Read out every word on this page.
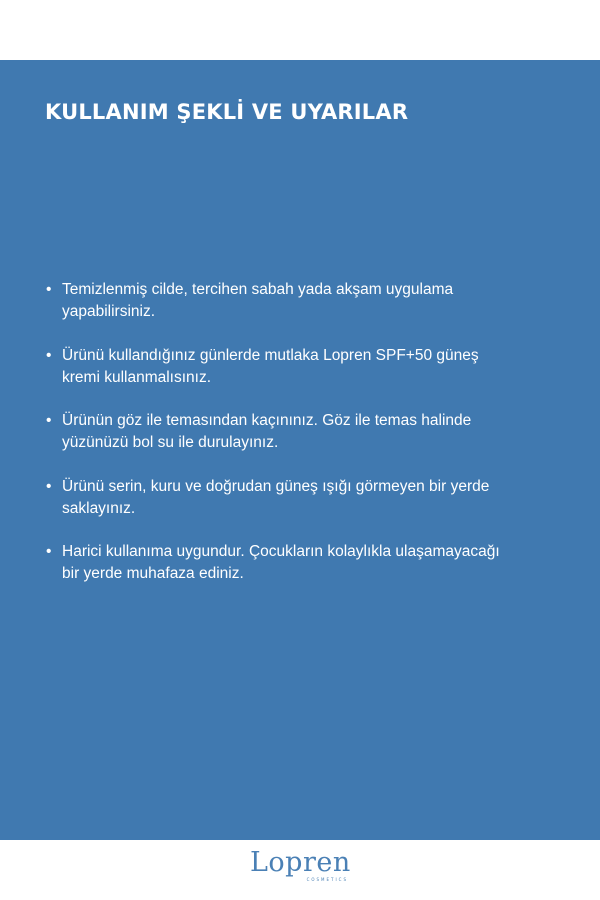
KULLANIM ŞEKLİ VE UYARILAR
• Temizlenmiş cilde, tercihen sabah yada akşam uygulama
yapabilirsiniz.
• Ürünü kullandığınız günlerde mutlaka Lopren SPF+50 güneş
kremi kullanmalısınız.
• Ürünün göz ile temasından kaçınınız. Göz ile temas halinde
yüzünüzü bol su ile durulayınız.
• Ürünü serin, kuru ve doğrudan güneş ışığı görmeyen bir yerde
saklayınız.
• Harici kullanıma uygundur. Çocukların kolaylıkla ulaşamayacağı
bir yerde muhafaza ediniz.
Lopren
COSMETICS
